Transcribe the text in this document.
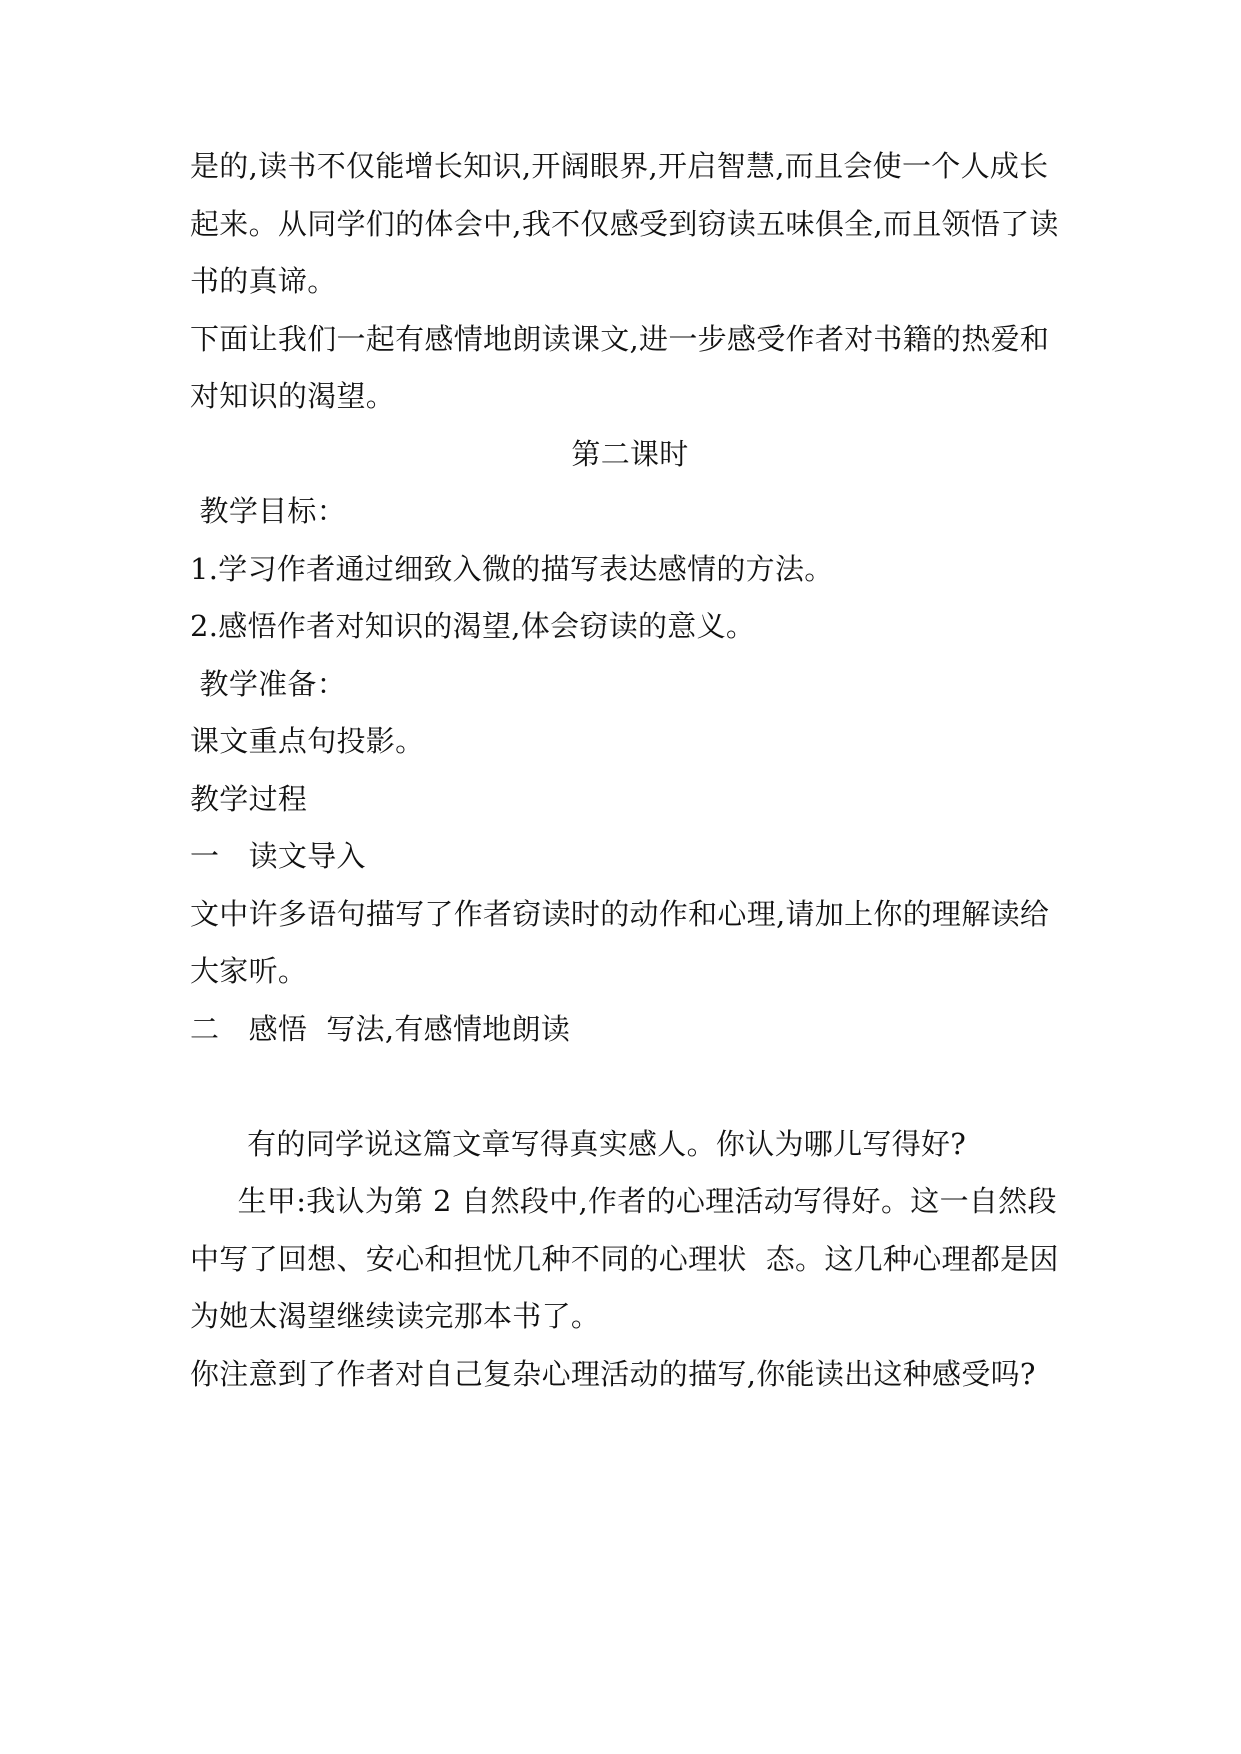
是的,读书不仅能增长知识,开阔眼界,开启智慧,而且会使一个人成长
起来。从同学们的体会中,我不仅感受到窃读五味俱全,而且领悟了读
书的真谛。
下面让我们一起有感情地朗读课文,进一步感受作者对书籍的热爱和
对知识的渴望。
第二课时
教学目标：
1.学习作者通过细致入微的描写表达感情的方法。
2.感悟作者对知识的渴望,体会窃读的意义。
教学准备：
课文重点句投影。
教学过程
一　读文导入
文中许多语句描写了作者窃读时的动作和心理,请加上你的理解读给
大家听。
二　感悟  写法,有感情地朗读
有的同学说这篇文章写得真实感人。你认为哪儿写得好?
生甲:我认为第 2 自然段中,作者的心理活动写得好。这一自然段
中写了回想、安心和担忧几种不同的心理状  态。这几种心理都是因
为她太渴望继续读完那本书了。
你注意到了作者对自己复杂心理活动的描写,你能读出这种感受吗?
